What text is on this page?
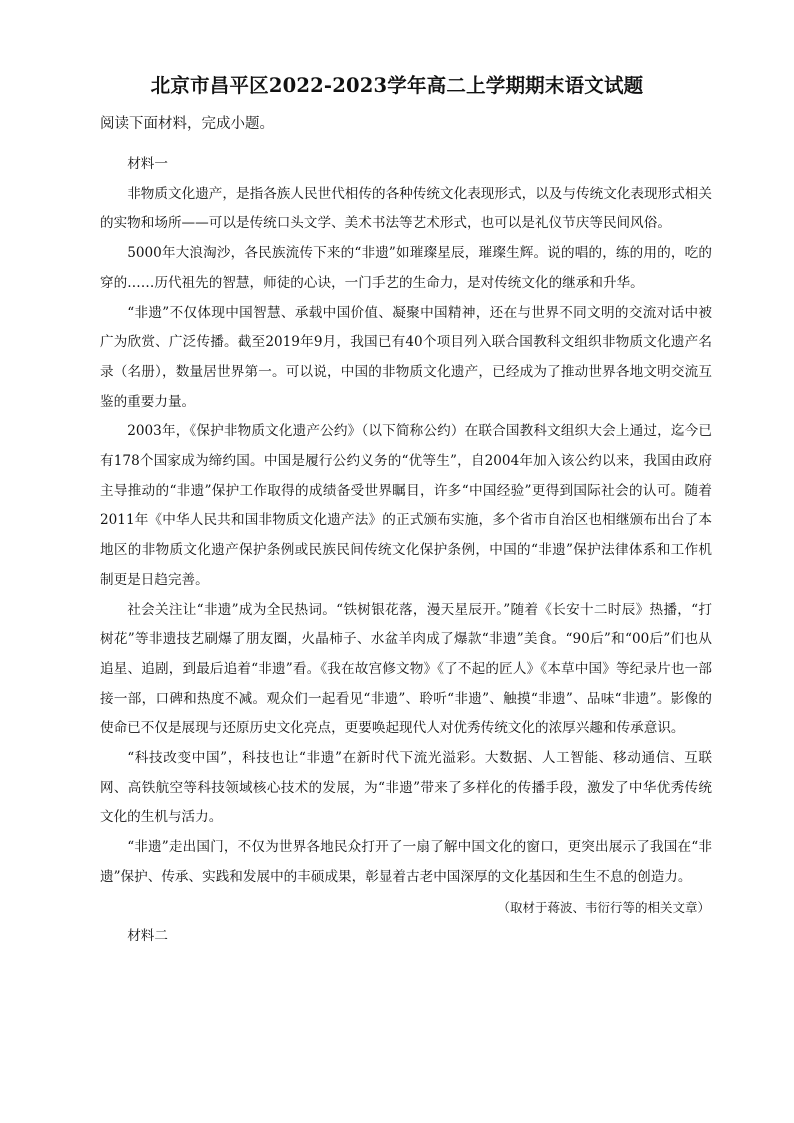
北京市昌平区2022-2023学年高二上学期期末语文试题
阅读下面材料，完成小题。

材料一

非物质文化遗产，是指各族人民世代相传的各种传统文化表现形式，以及与传统文化表现形式相关的实物和场所——可以是传统口头文学、美术书法等艺术形式，也可以是礼仪节庆等民间风俗。

5000年大浪淘沙，各民族流传下来的“非遗”如璀璨星辰，璀璨生辉。说的唱的，练的用的，吃的穿的……历代祖先的智慧，师徒的心诀，一门手艺的生命力，是对传统文化的继承和升华。

“非遗”不仅体现中国智慧、承载中国价值、凝聚中国精神，还在与世界不同文明的交流对话中被广为欣赏、广泛传播。截至2019年9月，我国已有40个项目列入联合国教科文组织非物质文化遗产名录（名册），数量居世界第一。可以说，中国的非物质文化遗产，已经成为了推动世界各地文明交流互鉴的重要力量。

2003年，《保护非物质文化遗产公约》（以下简称公约）在联合国教科文组织大会上通过，迄今已有178个国家成为缔约国。中国是履行公约义务的“优等生”，自2004年加入该公约以来，我国由政府主导推动的“非遗”保护工作取得的成绩备受世界瞩目，许多“中国经验”更得到国际社会的认可。随着2011年《中华人民共和国非物质文化遗产法》的正式颁布实施，多个省市自治区也相继颁布出台了本地区的非物质文化遗产保护条例或民族民间传统文化保护条例，中国的“非遗”保护法律体系和工作机制更是日趋完善。

社会关注让“非遗”成为全民热词。“铁树银花落，漫天星辰开。”随着《长安十二时辰》热播，“打树花”等非遗技艺刷爆了朋友圈，火晶柿子、水盆羊肉成了爆款“非遗”美食。“90后”和“00后”们也从追星、追剧，到最后追着“非遗”看。《我在故宫修文物》《了不起的匠人》《本草中国》等纪录片也一部接一部，口碑和热度不减。观众们一起看见“非遗”、聆听“非遗”、触摸“非遗”、品味“非遗”。影像的使命已不仅是展现与还原历史文化亮点，更要唤起现代人对优秀传统文化的浓厚兴趣和传承意识。

“科技改变中国”，科技也让“非遗”在新时代下流光溢彩。大数据、人工智能、移动通信、互联网、高铁航空等科技领域核心技术的发展，为“非遗”带来了多样化的传播手段，激发了中华优秀传统文化的生机与活力。

“非遗”走出国门，不仅为世界各地民众打开了一扇了解中国文化的窗口，更突出展示了我国在“非遗”保护、传承、实践和发展中的丰硕成果，彰显着古老中国深厚的文化基因和生生不息的创造力。

（取材于蒋波、韦衍行等的相关文章）

材料二
